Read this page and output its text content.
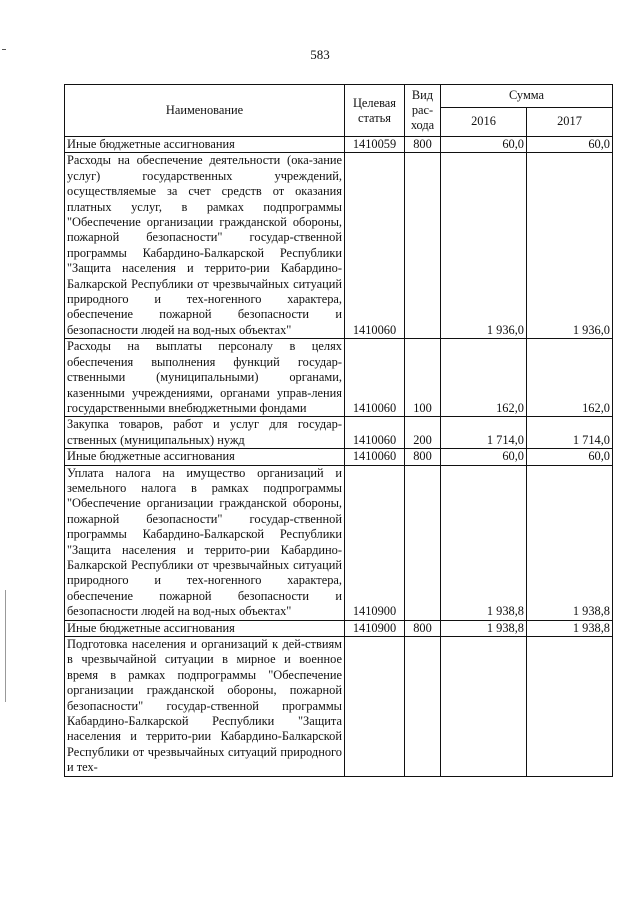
583
Наименование	Целевая статья	Вид рас-хода	Сумма	
			2016	2017
Иные бюджетные ассигнования	1410059	800	60,0	60,0
Расходы на обеспечение деятельности (ока-зание услуг) государственных учреждений, осуществляемые за счет средств от оказания платных услуг, в рамках подпрограммы "Обеспечение организации гражданской обороны, пожарной безопасности" государ-ственной программы Кабардино-Балкарской Республики "Защита населения и террито-рии Кабардино-Балкарской Республики от чрезвычайных ситуаций природного и тех-ногенного характера, обеспечение пожарной безопасности и безопасности людей на вод-ных объектах"	1410060		1 936,0	1 936,0
Расходы на выплаты персоналу в целях обеспечения выполнения функций государ-ственными (муниципальными) органами, казенными учреждениями, органами управ-ления государственными внебюджетными фондами	1410060	100	162,0	162,0
Закупка товаров, работ и услуг для государ-ственных (муниципальных) нужд	1410060	200	1 714,0	1 714,0
Иные бюджетные ассигнования	1410060	800	60,0	60,0
Уплата налога на имущество организаций и земельного налога в рамках подпрограммы "Обеспечение организации гражданской обороны, пожарной безопасности" государ-ственной программы Кабардино-Балкарской Республики "Защита населения и террито-рии Кабардино-Балкарской Республики от чрезвычайных ситуаций природного и тех-ногенного характера, обеспечение пожарной безопасности и безопасности людей на вод-ных объектах"	1410900		1 938,8	1 938,8
Иные бюджетные ассигнования	1410900	800	1 938,8	1 938,8
Подготовка населения и организаций к дей-ствиям в чрезвычайной ситуации в мирное и военное время в рамках подпрограммы "Обеспечение организации гражданской обороны, пожарной безопасности" государ-ственной программы Кабардино-Балкарской Республики "Защита населения и террито-рии Кабардино-Балкарской Республики от чрезвычайных ситуаций природного и тех-				
